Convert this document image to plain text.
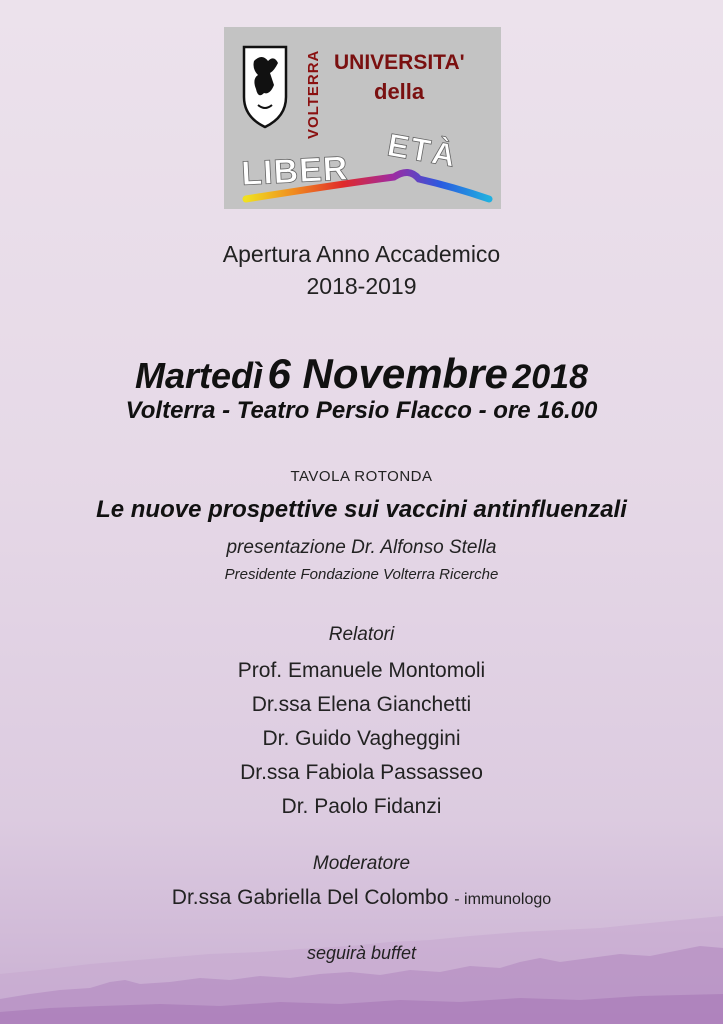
VOLTERRA UNIVERSITA'
della
LIBER ETÀ
Apertura Anno Accademico
2018-2019
Martedì 6 Novembre 2018
Volterra - Teatro Persio Flacco - ore 16.00
TAVOLA ROTONDA
Le nuove prospettive sui vaccini antinfluenzali
presentazione Dr. Alfonso Stella
Presidente Fondazione Volterra Ricerche
Relatori
Prof. Emanuele Montomoli
Dr.ssa Elena Gianchetti
Dr. Guido Vagheggini
Dr.ssa Fabiola Passasseo
Dr. Paolo Fidanzi
Moderatore
Dr.ssa Gabriella Del Colombo - immunologo
seguirà buffet
